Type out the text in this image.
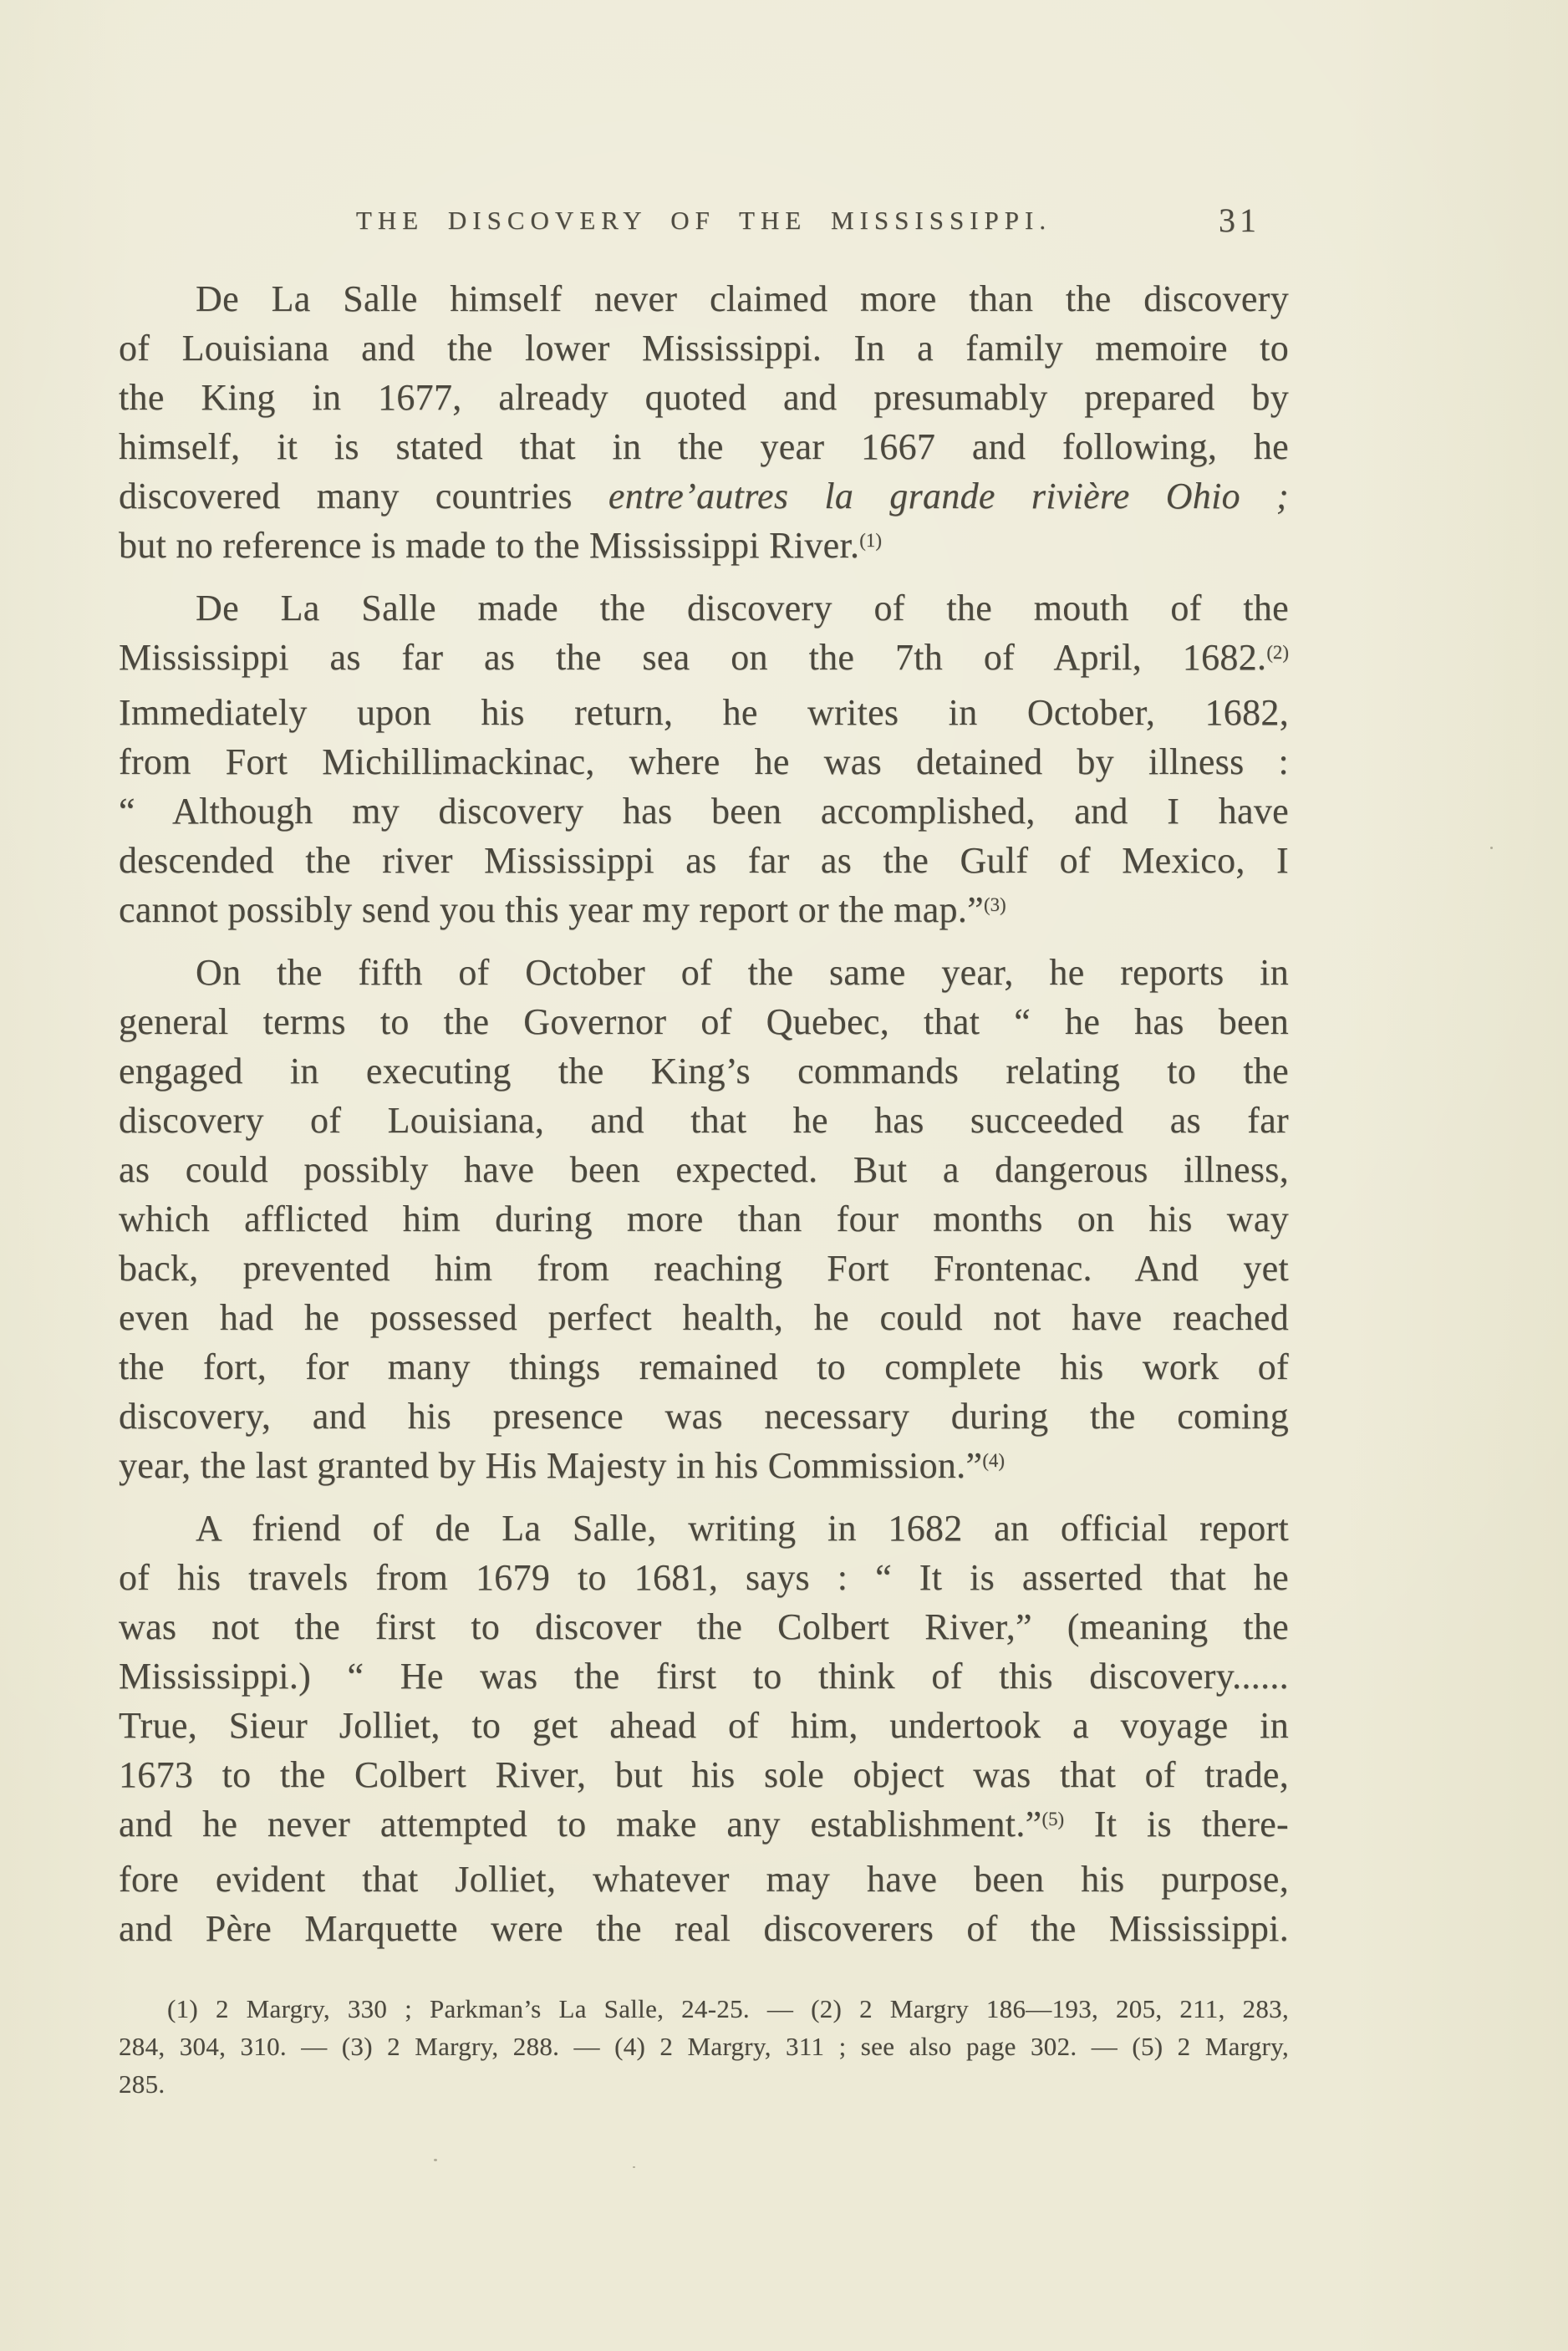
THE DISCOVERY OF THE MISSISSIPPI.	31
De La Salle himself never claimed more than the discovery
of Louisiana and the lower Mississippi. In a family memoire to
the King in 1677, already quoted and presumably prepared by
himself, it is stated that in the year 1667 and following, he
discovered many countries entre’autres la grande rivière Ohio ;
but no reference is made to the Mississippi River.$^{(1)}$
De La Salle made the discovery of the mouth of the
Mississippi as far as the sea on the 7th of April, 1682.$^{(2)}$
Immediately upon his return, he writes in October, 1682,
from Fort Michillimackinac, where he was detained by illness :
“ Although my discovery has been accomplished, and I have
descended the river Mississippi as far as the Gulf of Mexico, I
cannot possibly send you this year my report or the map.”$^{(3)}$
On the fifth of October of the same year, he reports in
general terms to the Governor of Quebec, that “ he has been
engaged in executing the King’s commands relating to the
discovery of Louisiana, and that he has succeeded as far
as could possibly have been expected. But a dangerous illness,
which afflicted him during more than four months on his way
back, prevented him from reaching Fort Frontenac. And yet
even had he possessed perfect health, he could not have reached
the fort, for many things remained to complete his work of
discovery, and his presence was necessary during the coming
year, the last granted by His Majesty in his Commission.”$^{(4)}$
A friend of de La Salle, writing in 1682 an official report
of his travels from 1679 to 1681, says : “ It is asserted that he
was not the first to discover the Colbert River,” (meaning the
Mississippi.) “ He was the first to think of this discovery......
True, Sieur Jolliet, to get ahead of him, undertook a voyage in
1673 to the Colbert River, but his sole object was that of trade,
and he never attempted to make any establishment.”$^{(5)}$ It is there-
fore evident that Jolliet, whatever may have been his purpose,
and Père Marquette were the real discoverers of the Mississippi.
(1) 2 Margry, 330 ; Parkman’s La Salle, 24-25. — (2) 2 Margry 186—193, 205, 211, 283,
284, 304, 310. — (3) 2 Margry, 288. — (4) 2 Margry, 311 ; see also page 302. — (5) 2 Margry,
285.
